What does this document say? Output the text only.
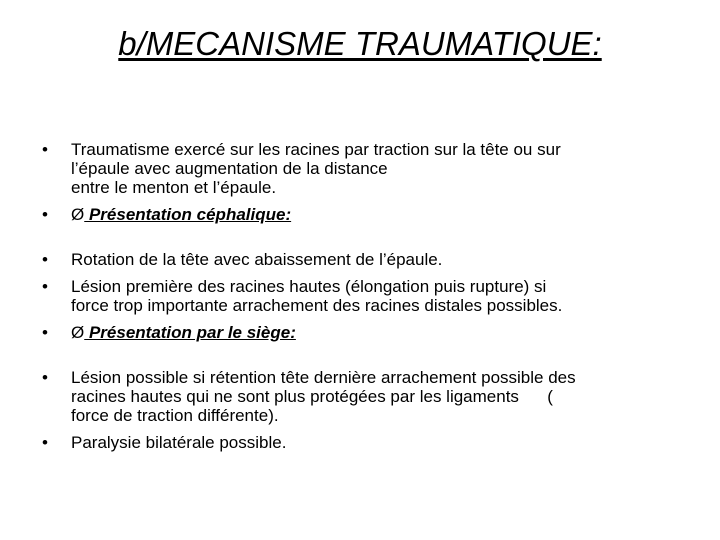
b/MECANISME TRAUMATIQUE:
•	Traumatisme exercé sur les racines par traction sur la tête ou sur
l’épaule avec augmentation de la distance
entre le menton et l’épaule.
•	Ø Présentation céphalique:
•	Rotation de la tête avec abaissement de l’épaule.
•	Lésion première des racines hautes (élongation puis rupture) si
force trop importante arrachement des racines distales possibles.
•	Ø Présentation par le siège:
•	Lésion possible si rétention tête dernière arrachement possible des
racines hautes qui ne sont plus protégées par les ligaments      (
force de traction différente).
•	Paralysie bilatérale possible.
